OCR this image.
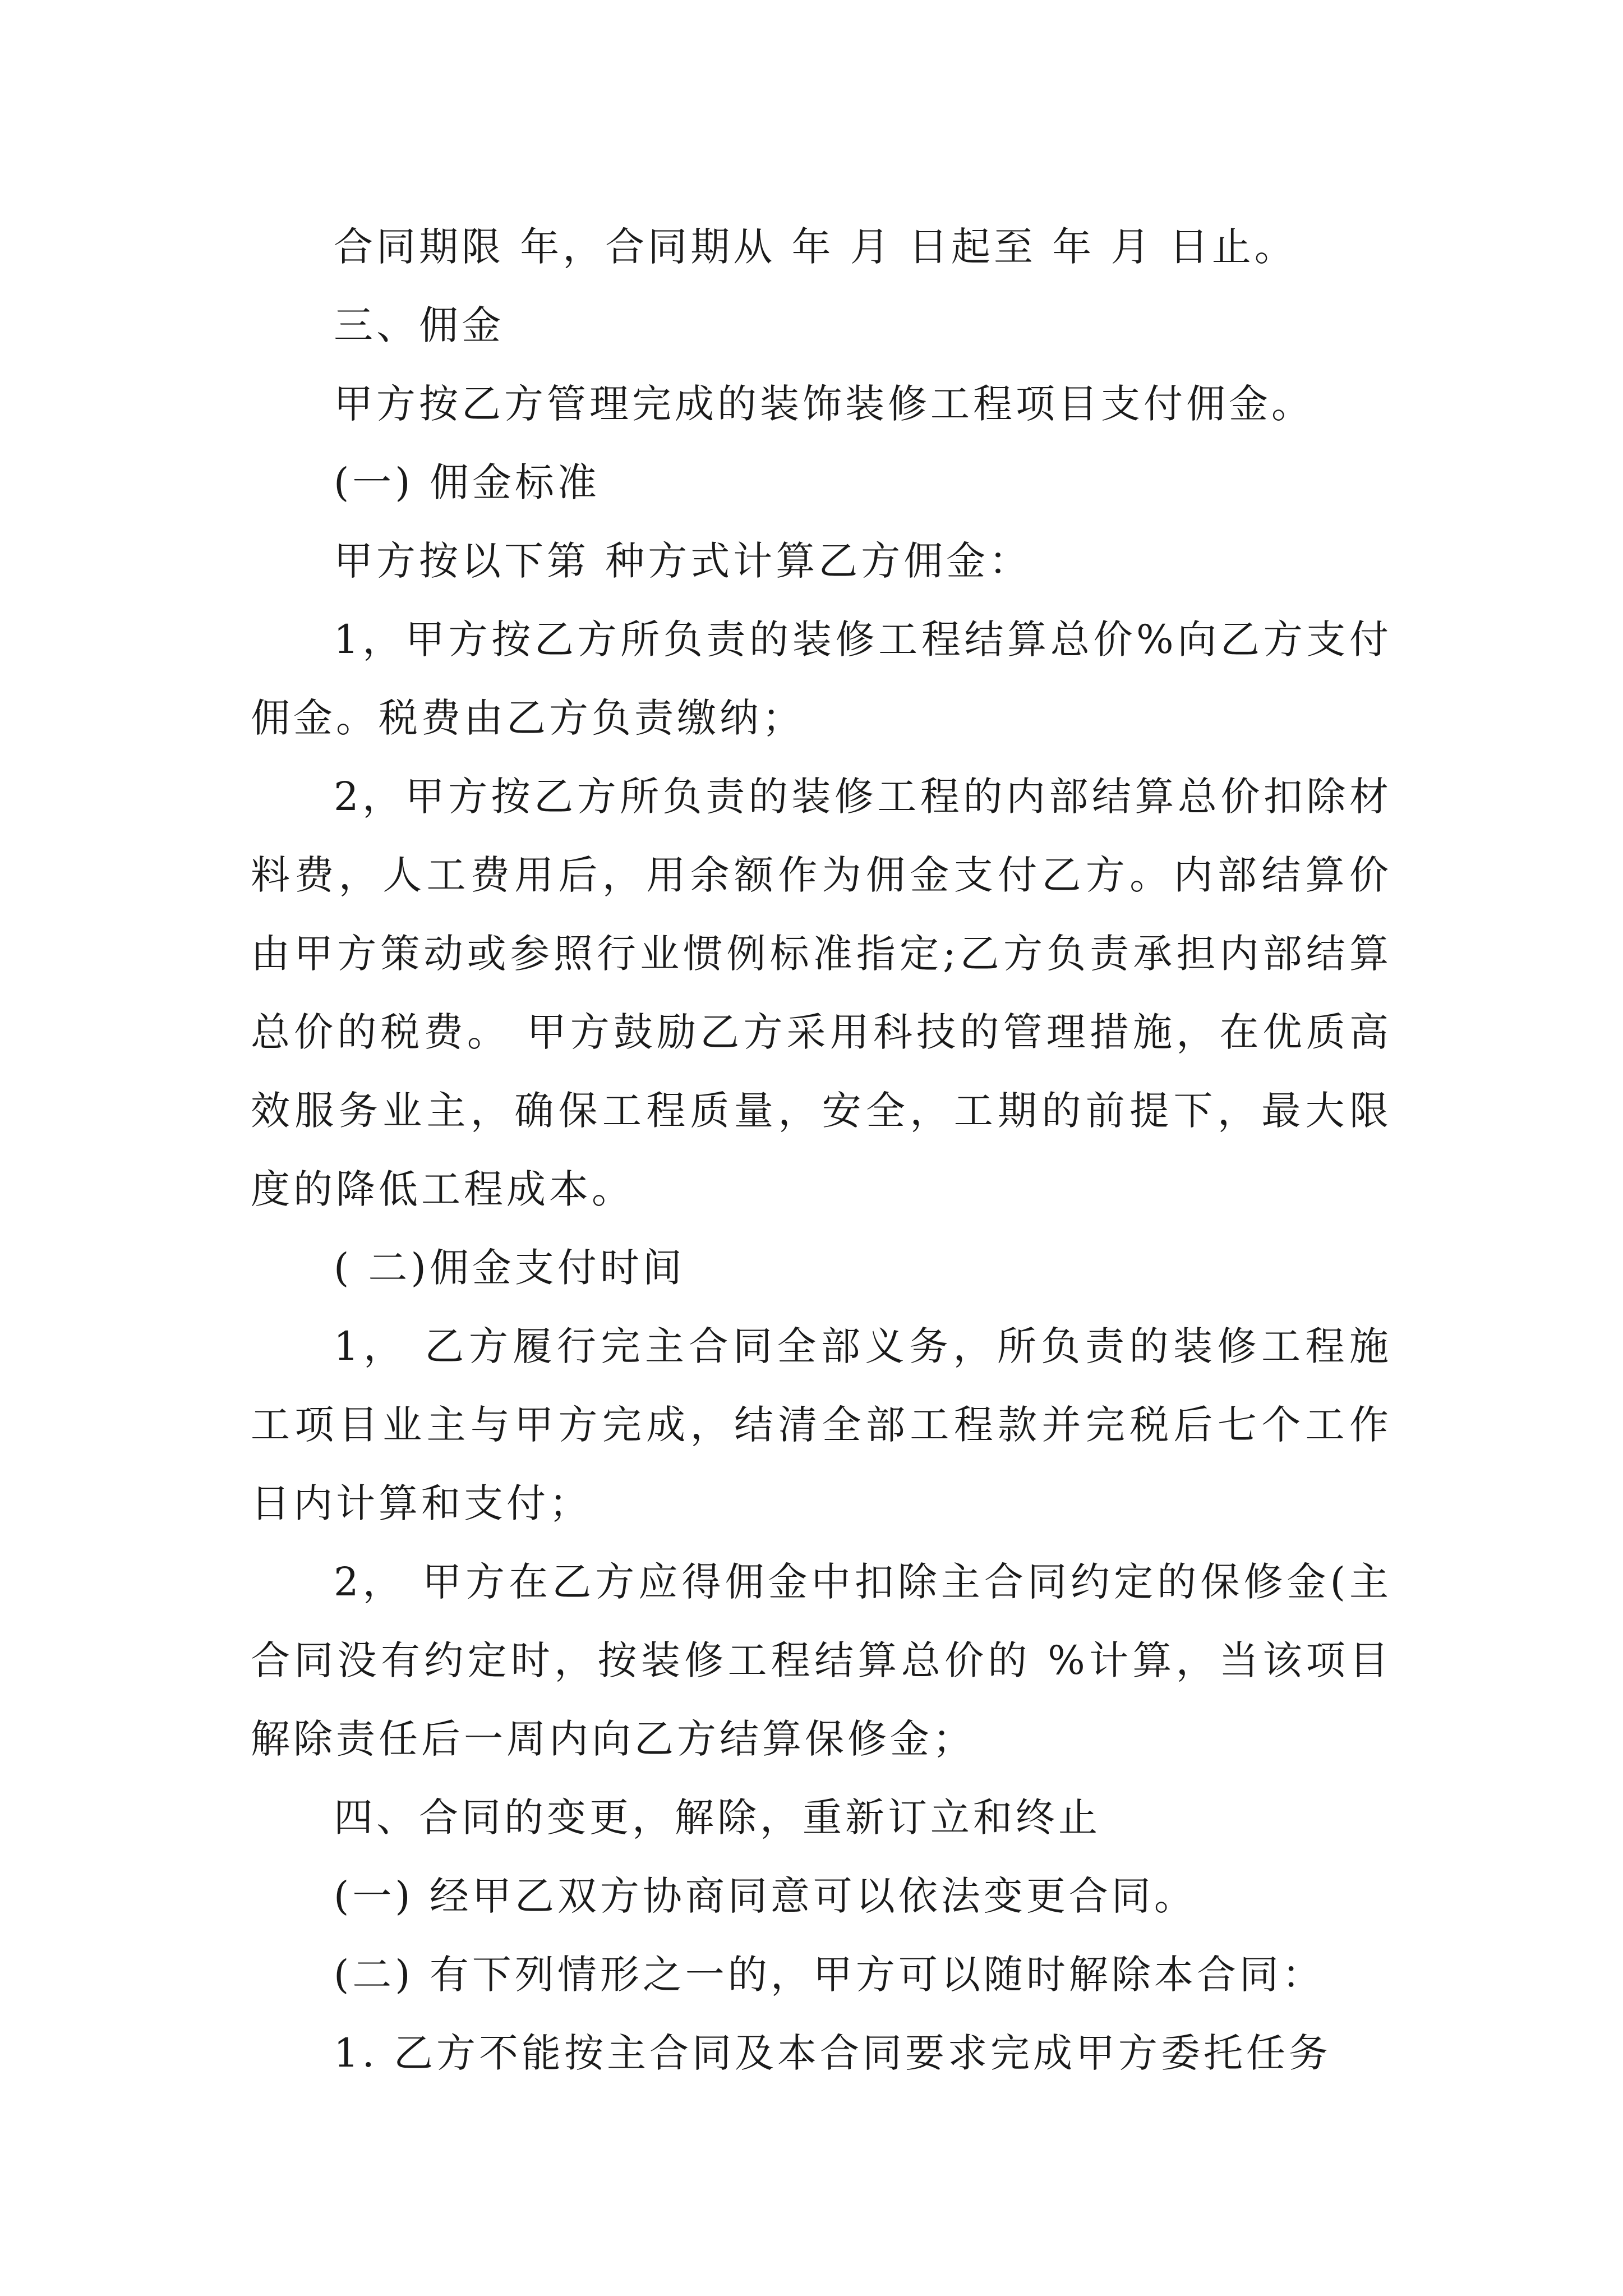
合同期限 年，合同期从 年 月 日起至 年 月 日止。

三、佣金

甲方按乙方管理完成的装饰装修工程项目支付佣金。

(一) 佣金标准

甲方按以下第 种方式计算乙方佣金：

1，甲方按乙方所负责的装修工程结算总价%向乙方支付佣金。税费由乙方负责缴纳；

2，甲方按乙方所负责的装修工程的内部结算总价扣除材料费，人工费用后，用余额作为佣金支付乙方。内部结算价由甲方策动或参照行业惯例标准指定;乙方负责承担内部结算总价的税费。 甲方鼓励乙方采用科技的管理措施，在优质高效服务业主，确保工程质量，安全，工期的前提下，最大限度的降低工程成本。

( 二)佣金支付时间

1， 乙方履行完主合同全部义务，所负责的装修工程施工项目业主与甲方完成，结清全部工程款并完税后七个工作日内计算和支付；

2， 甲方在乙方应得佣金中扣除主合同约定的保修金(主合同没有约定时，按装修工程结算总价的 %计算，当该项目解除责任后一周内向乙方结算保修金；

四、合同的变更，解除，重新订立和终止

(一) 经甲乙双方协商同意可以依法变更合同。

(二) 有下列情形之一的，甲方可以随时解除本合同：

1. 乙方不能按主合同及本合同要求完成甲方委托任务
